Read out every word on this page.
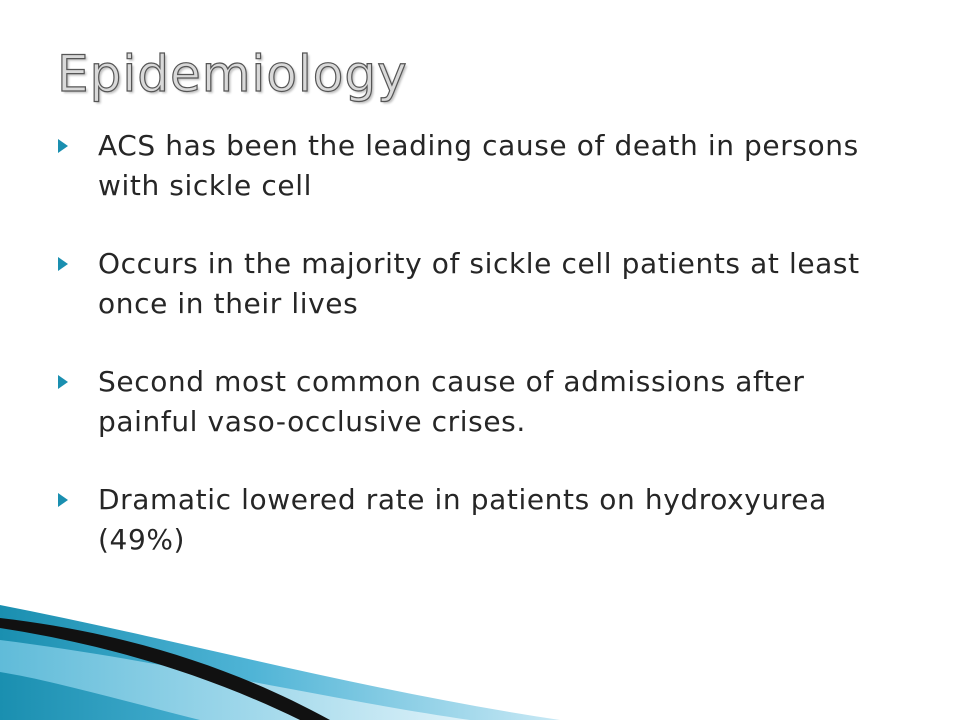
Epidemiology
ACS has been the leading cause of death in persons with sickle cell
Occurs in the majority of sickle cell patients at least once in their lives
Second most common cause of admissions after painful vaso-occlusive crises.
Dramatic lowered rate in patients on hydroxyurea (49%)
